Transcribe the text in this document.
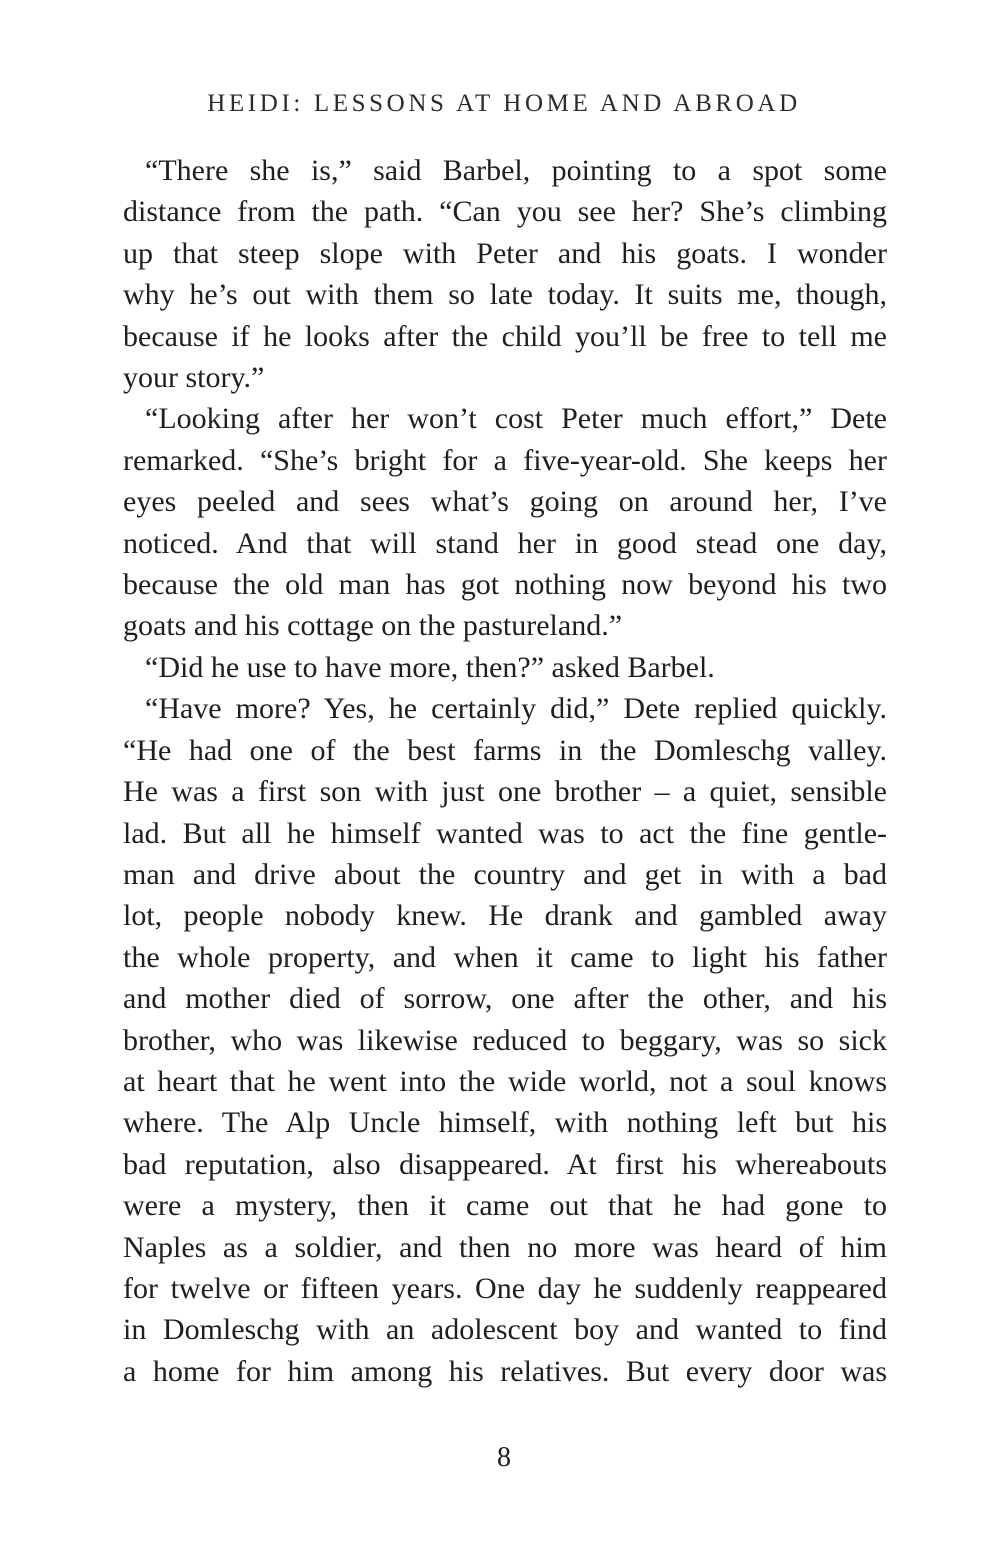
HEIDI: LESSONS AT HOME AND ABROAD
“There she is,” said Barbel, pointing to a spot some
distance from the path. “Can you see her? She’s climbing
up that steep slope with Peter and his goats. I wonder
why he’s out with them so late today. It suits me, though,
because if he looks after the child you’ll be free to tell me
your story.”
“Looking after her won’t cost Peter much effort,” Dete
remarked. “She’s bright for a five-year-old. She keeps her
eyes peeled and sees what’s going on around her, I’ve
noticed. And that will stand her in good stead one day,
because the old man has got nothing now beyond his two
goats and his cottage on the pastureland.”
“Did he use to have more, then?” asked Barbel.
“Have more? Yes, he certainly did,” Dete replied quickly.
“He had one of the best farms in the Domleschg valley.
He was a first son with just one brother – a quiet, sensible
lad. But all he himself wanted was to act the fine gentle-
man and drive about the country and get in with a bad
lot, people nobody knew. He drank and gambled away
the whole property, and when it came to light his father
and mother died of sorrow, one after the other, and his
brother, who was likewise reduced to beggary, was so sick
at heart that he went into the wide world, not a soul knows
where. The Alp Uncle himself, with nothing left but his
bad reputation, also disappeared. At first his whereabouts
were a mystery, then it came out that he had gone to
Naples as a soldier, and then no more was heard of him
for twelve or fifteen years. One day he suddenly reappeared
in Domleschg with an adolescent boy and wanted to find
a home for him among his relatives. But every door was
8
